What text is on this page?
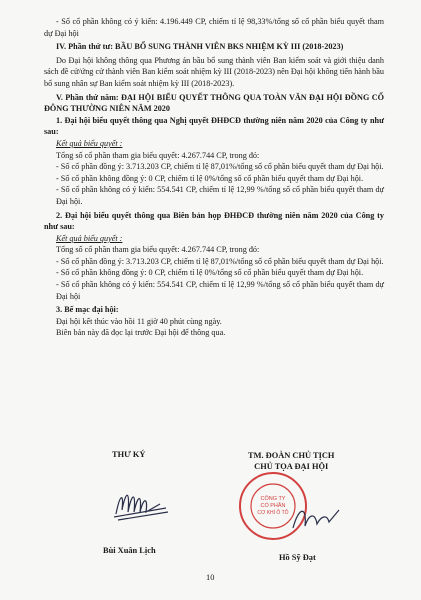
- Số cổ phần không có ý kiến: 4.196.449 CP, chiếm tỉ lệ 98,33%/tổng số cổ phần biểu quyết tham dự Đại hội

IV. Phần thứ tư: BẦU BỔ SUNG THÀNH VIÊN BKS NHIỆM KỲ III (2018-2023)

Do Đại hội không thông qua Phương án bầu bổ sung thành viên Ban kiểm soát và giới thiệu danh sách đề cử/ứng cử thành viên Ban kiểm soát nhiệm kỳ III (2018-2023) nên Đại hội không tiến hành bầu bổ sung nhân sự Ban kiểm soát nhiệm kỳ III (2018-2023).

V. Phần thứ năm: ĐẠI HỘI BIỂU QUYẾT THÔNG QUA TOÀN VĂN ĐẠI HỘI ĐỒNG CỔ ĐÔNG THƯỜNG NIÊN NĂM 2020

1. Đại hội biểu quyết thông qua Nghị quyết ĐHĐCĐ thường niên năm 2020 của Công ty như sau:

Kết quả biểu quyết :

Tổng số cổ phần tham gia biểu quyết: 4.267.744 CP, trong đó:

- Số cổ phần đồng ý: 3.713.203 CP, chiếm tỉ lệ 87,01%/tổng số cổ phần biểu quyết tham dự Đại hội.

- Số cổ phần không đồng ý: 0 CP, chiếm tỉ lệ 0%/tổng số cổ phần biểu quyết tham dự Đại hội.

- Số cổ phần không có ý kiến: 554.541 CP, chiếm tỉ lệ 12,99 %/tổng số cổ phần biểu quyết tham dự Đại hội.

2. Đại hội biểu quyết thông qua Biên bản họp ĐHĐCĐ thường niên năm 2020 của Công ty như sau:

Kết quả biểu quyết :

Tổng số cổ phần tham gia biểu quyết: 4.267.744 CP, trong đó:

- Số cổ phần đồng ý: 3.713.203 CP, chiếm tỉ lệ 87,01%/tổng số cổ phần biểu quyết tham dự Đại hội.

- Số cổ phần không đồng ý: 0 CP, chiếm tỉ lệ 0%/tổng số cổ phần biểu quyết tham dự Đại hội.

- Số cổ phần không có ý kiến: 554.541 CP, chiếm tỉ lệ 12,99 %/tổng số cổ phần biểu quyết tham dự Đại hội

3. Bế mạc đại hội:

Đại hội kết thúc vào hồi 11 giờ 40 phút cùng ngày.

Biên bản này đã đọc lại trước Đại hội để thông qua.

THƯ KÝ	TM. ĐOÀN CHỦ TỊCH
CHỦ TỌA ĐẠI HỘI
CÔNG TY
CỔ PHẦN
CƠ KHÍ Ô TÔ
Bùi Xuân Lịch
Hồ Sỹ Đạt
10
